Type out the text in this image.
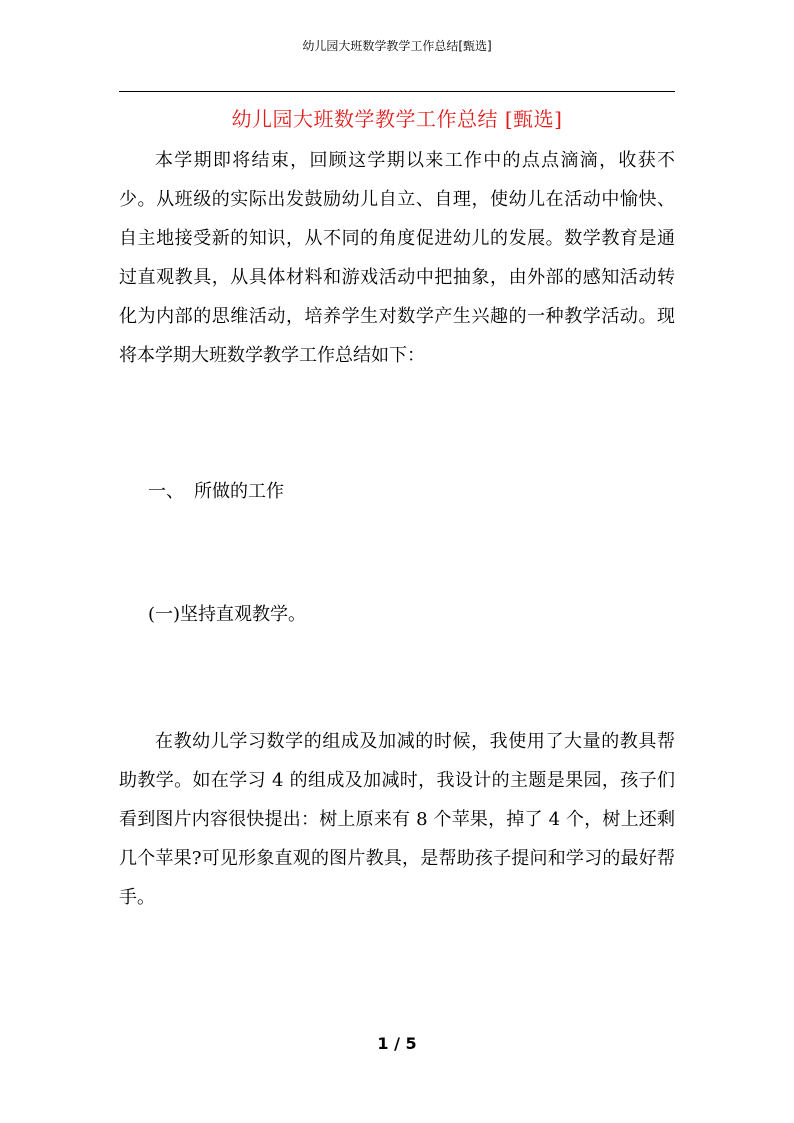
幼儿园大班数学教学工作总结[甄选]
幼儿园大班数学教学工作总结 [甄选]

本学期即将结束，回顾这学期以来工作中的点点滴滴，收获不少。从班级的实际出发鼓励幼儿自立、自理，使幼儿在活动中愉快、自主地接受新的知识，从不同的角度促进幼儿的发展。数学教育是通过直观教具，从具体材料和游戏活动中把抽象，由外部的感知活动转化为内部的思维活动，培养学生对数学产生兴趣的一种教学活动。现将本学期大班数学教学工作总结如下：

一、 所做的工作
(一)坚持直观教学。

在教幼儿学习数学的组成及加减的时候，我使用了大量的教具帮助教学。如在学习 4 的组成及加减时，我设计的主题是果园，孩子们看到图片内容很快提出：树上原来有 8 个苹果，掉了 4 个，树上还剩几个苹果?可见形象直观的图片教具，是帮助孩子提问和学习的最好帮手。

1 / 5
